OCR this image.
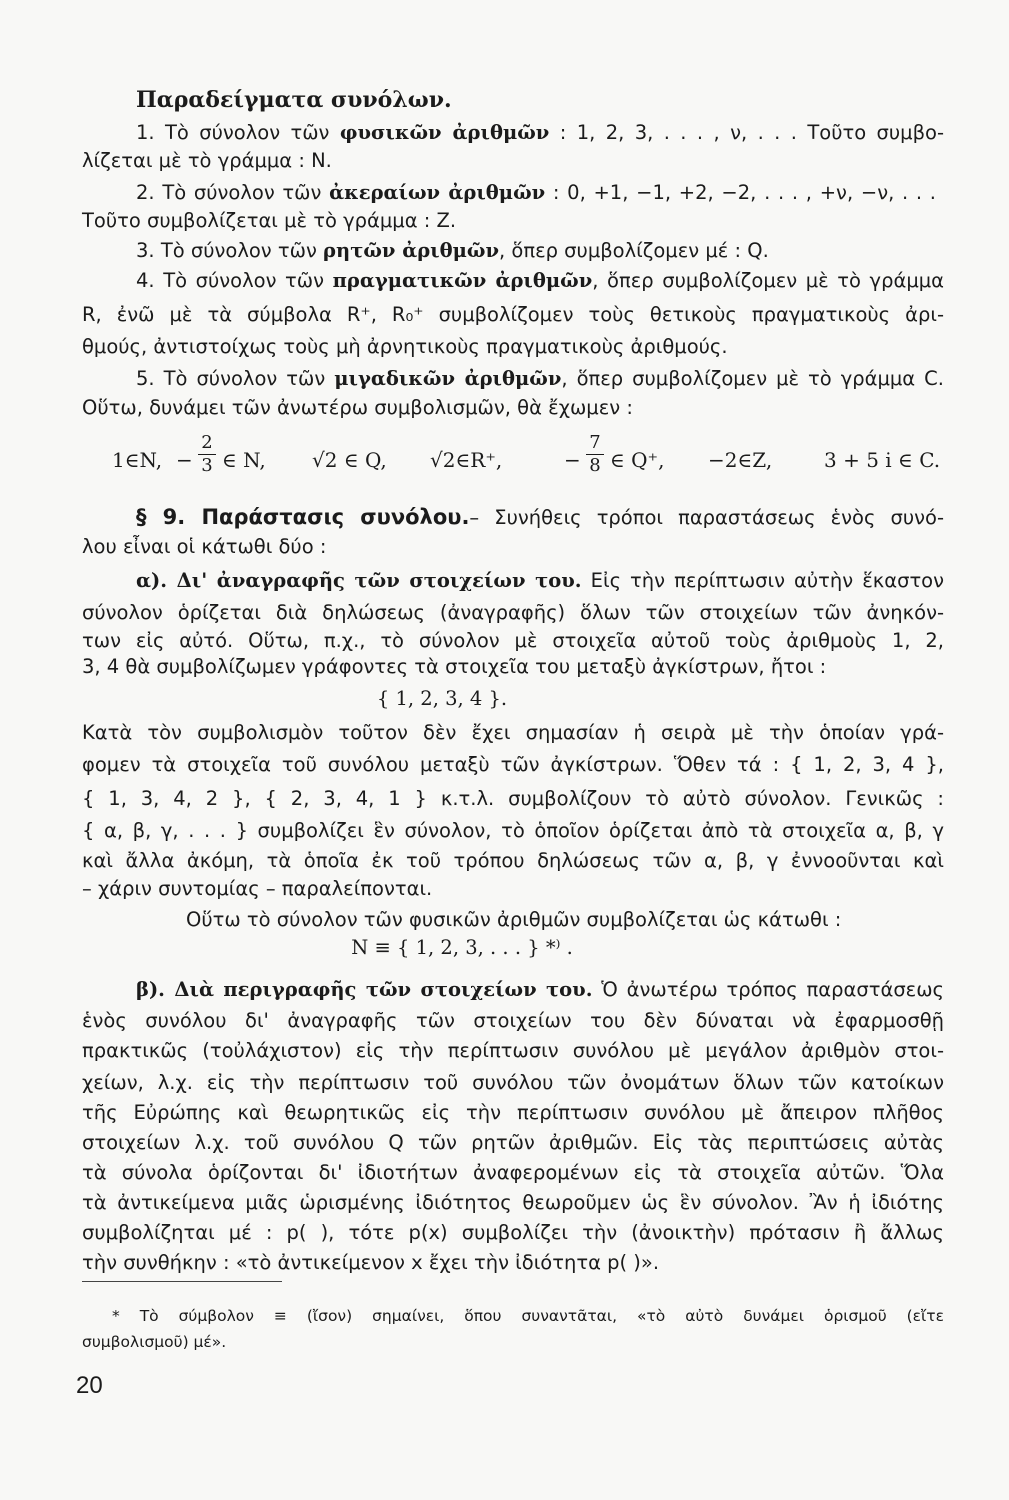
Παραδείγματα συνόλων.
1. Τὸ σύνολον τῶν φυσικῶν ἀριθμῶν : 1, 2, 3, . . . , ν, . . . Τοῦτο συμβο-
λίζεται μὲ τὸ γράμμα : N.
2. Τὸ σύνολον τῶν ἀκεραίων ἀριθμῶν : 0, +1, −1, +2, −2, . . . , +ν, −ν, . . .
Τοῦτο συμβολίζεται μὲ τὸ γράμμα : Z.
3. Τὸ σύνολον τῶν ρητῶν ἀριθμῶν, ὅπερ συμβολίζομεν μέ : Q.
4. Τὸ σύνολον τῶν πραγματικῶν ἀριθμῶν, ὅπερ συμβολίζομεν μὲ τὸ γράμμα
R, ἐνῶ μὲ τὰ σύμβολα R⁺, R₀⁺ συμβολίζομεν τοὺς θετικοὺς πραγματικοὺς ἀρι-
θμούς, ἀντιστοίχως τοὺς μὴ ἀρνητικοὺς πραγματικοὺς ἀριθμούς.
5. Τὸ σύνολον τῶν μιγαδικῶν ἀριθμῶν, ὅπερ συμβολίζομεν μὲ τὸ γράμμα C.
Οὕτω, δυνάμει τῶν ἀνωτέρω συμβολισμῶν, θὰ ἔχωμεν :
1∈N, −
2
3 ∈ N, √2 ∈ Q, √2∈R⁺,	−
7
8 ∈ Q⁺, −2∈Z,	3 + 5 i ∈ C.
§ 9. Παράστασις συνόλου.– Συνήθεις τρόποι παραστάσεως ἑνὸς συνό-
λου εἶναι οἱ κάτωθι δύο :
α). Δι' ἀναγραφῆς τῶν στοιχείων του. Εἰς τὴν περίπτωσιν αὐτὴν ἕκαστον
σύνολον ὁρίζεται διὰ δηλώσεως (ἀναγραφῆς) ὅλων τῶν στοιχείων τῶν ἀνηκόν-
των εἰς αὐτό. Οὕτω, π.χ., τὸ σύνολον μὲ στοιχεῖα αὐτοῦ τοὺς ἀριθμοὺς 1, 2,
3, 4 θὰ συμβολίζωμεν γράφοντες τὰ στοιχεῖα του μεταξὺ ἀγκίστρων, ἤτοι :
{ 1, 2, 3, 4 }.
Κατὰ τὸν συμβολισμὸν τοῦτον δὲν ἔχει σημασίαν ἡ σειρὰ μὲ τὴν ὁποίαν γρά-
φομεν τὰ στοιχεῖα τοῦ συνόλου μεταξὺ τῶν ἀγκίστρων. Ὅθεν τά : { 1, 2, 3, 4 },
{ 1, 3, 4, 2 }, { 2, 3, 4, 1 } κ.τ.λ. συμβολίζουν τὸ αὐτὸ σύνολον. Γενικῶς :
{ α, β, γ, . . . } συμβολίζει ἓν σύνολον, τὸ ὁποῖον ὁρίζεται ἀπὸ τὰ στοιχεῖα α, β, γ
καὶ ἄλλα ἀκόμη, τὰ ὁποῖα ἐκ τοῦ τρόπου δηλώσεως τῶν α, β, γ ἐννοοῦνται καὶ
– χάριν συντομίας – παραλείπονται.
Οὕτω τὸ σύνολον τῶν φυσικῶν ἀριθμῶν συμβολίζεται ὡς κάτωθι :
N ≡ { 1, 2, 3, . . . } *⁾ .
β). Διὰ περιγραφῆς τῶν στοιχείων του. Ὁ ἀνωτέρω τρόπος παραστάσεως
ἑνὸς συνόλου δι' ἀναγραφῆς τῶν στοιχείων του δὲν δύναται νὰ ἐφαρμοσθῇ
πρακτικῶς (τοὐλάχιστον) εἰς τὴν περίπτωσιν συνόλου μὲ μεγάλον ἀριθμὸν στοι-
χείων, λ.χ. εἰς τὴν περίπτωσιν τοῦ συνόλου τῶν ὀνομάτων ὅλων τῶν κατοίκων
τῆς Εὐρώπης καὶ θεωρητικῶς εἰς τὴν περίπτωσιν συνόλου μὲ ἄπειρον πλῆθος
στοιχείων λ.χ. τοῦ συνόλου Q τῶν ρητῶν ἀριθμῶν. Εἰς τὰς περιπτώσεις αὐτὰς
τὰ σύνολα ὁρίζονται δι' ἰδιοτήτων ἀναφερομένων εἰς τὰ στοιχεῖα αὐτῶν. Ὅλα
τὰ ἀντικείμενα μιᾶς ὡρισμένης ἰδιότητος θεωροῦμεν ὡς ἓν σύνολον. Ἂν ἡ ἰδιότης
συμβολίζηται μέ : p( ), τότε p(x) συμβολίζει τὴν (ἀνοικτὴν) πρότασιν ἢ ἄλλως
τὴν συνθήκην : «τὸ ἀντικείμενον x ἔχει τὴν ἰδιότητα p( )».
* Τὸ σύμβολον ≡ (ἴσον) σημαίνει, ὅπου συναντᾶται, «τὸ αὐτὸ δυνάμει ὁρισμοῦ (εἴτε
συμβολισμοῦ) μέ».
20
